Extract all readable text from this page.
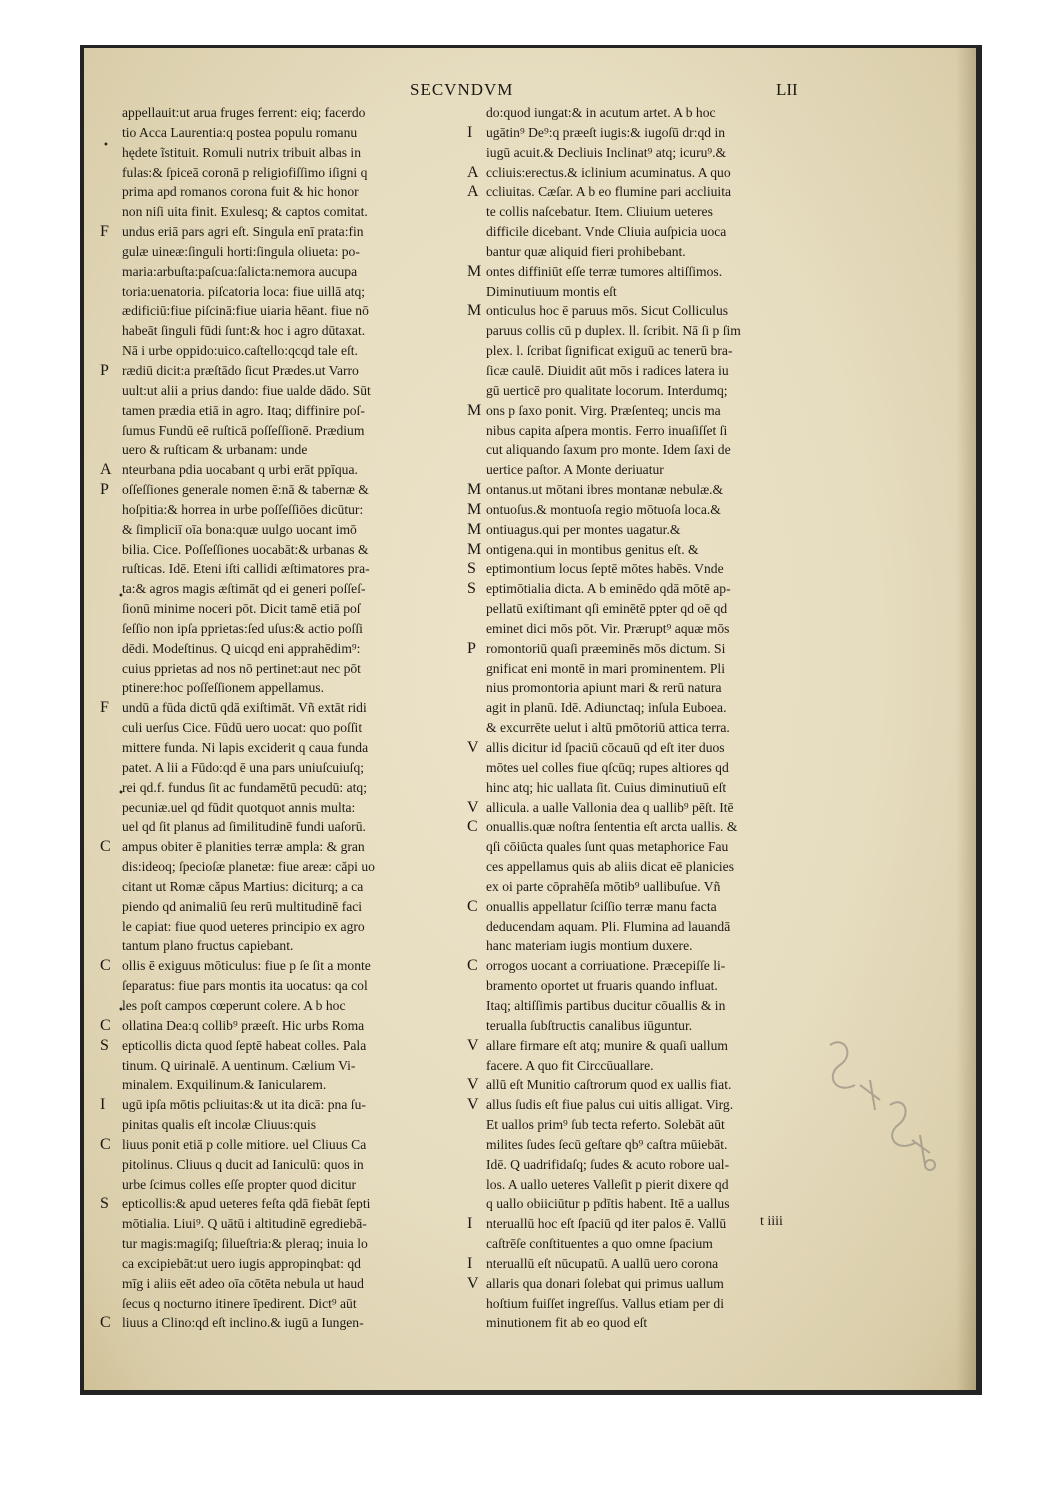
SECVNDVM	LII
appellauit:ut arua fruges ferrent: eiq; facerdo
tio Acca Laurentia:q postea populu romanu
hędete ĩstituit. Romuli nutrix tribuit albas in
fulas:& ſpiceā coronā p religiofiſſimo iſigni q
prima apd romanos corona fuit & hic honor
non niſi uita finit. Exulesq; & captos comitat.
F undus eriā pars agri eſt. Singula enī prata:fin
gulæ uineæ:ſinguli horti:ſingula oliueta: po-
maria:arbuſta:paſcua:ſalicta:nemora aucupa
toria:uenatoria. piſcatoria loca: fiue uillā atq;
ædificiū:fiue piſcinā:fiue uiaria hēant. fiue nō
habeāt ſinguli fūdi ſunt:& hoc i agro dūtaxat.
Nā i urbe oppido:uico.caſtello:qcqd tale eſt.
P rædiū dicit:a præſtādo ſicut Prædes.ut Varro
uult:ut alii a prius dando: fiue ualde dādo. Sūt
tamen prædia etiā in agro. Itaq; diffinire poſ-
ſumus Fundū eē ruſticā poſſeſſionē. Prædium
uero & ruſticam & urbanam: unde
A nteurbana pdia uocabant q urbi erāt ppīqua.
P oſſeſſiones generale nomen ē:nā & tabernæ &
hoſpitia:& horrea in urbe poſſeſſiōes dicūtur:
& ſimpliciī oīa bona:quæ uulgo uocant imō
bilia. Cice. Poſſeſſiones uocabāt:& urbanas &
ruſticas. Idē. Eteni iſti callidi æſtimatores pra-
ta:& agros magis æſtimāt qd ei generi poſſeſ-
ſionū minime noceri pōt. Dicit tamē etiā poſ
ſeſſio non ipſa pprietas:ſed uſus:& actio poſſi
dēdi. Modeſtinus. Q uicqd eni apprahēdim⁹:
cuius pprietas ad nos nō pertinet:aut nec pōt
ptinere:hoc poſſeſſionem appellamus.
F undū a fūda dictū qdā exiſtimāt. Vñ extāt ridi
culi uerſus Cice. Fūdū uero uocat: quo poſſit
mittere funda. Ni lapis exciderit q caua funda
patet. A lii a Fūdo:qd ē una pars uniuſcuiuſq;
rei qd.f. fundus ſit ac fundamētū pecudū: atq;
pecuniæ.uel qd fūdit quotquot annis multa:
uel qd ſit planus ad ſimilitudinē fundi uaſorū.
C ampus obiter ē planities terræ ampla: & gran
dis:ideoq; ſpecioſæ planetæ: fiue areæ: căpi uo
citant ut Romæ căpus Martius: diciturq; a ca
piendo qd animaliū ſeu rerū multitudinē faci
le capiat: fiue quod ueteres principio ex agro
tantum plano fructus capiebant.
C ollis ē exiguus mōticulus: fiue p ſe ſit a monte
ſeparatus: fiue pars montis ita uocatus: qa col
les poſt campos cœperunt colere. A b hoc
C ollatina Dea:q collib⁹ præeſt. Hic urbs Roma
S epticollis dicta quod ſeptē habeat colles. Pala
tinum. Q uirinalē. A uentinum. Cælium Vi-
minalem. Exquilinum.& Ianicularem.
I ugū ipſa mōtis pcliuitas:& ut ita dicā: pna ſu-
pinitas qualis eſt incolæ Cliuus:quis
C liuus ponit etiā p colle mitiore. uel Cliuus Ca
pitolinus. Cliuus q ducit ad Ianiculū: quos in
urbe ſcimus colles eſſe propter quod dicitur
S epticollis:& apud ueteres feſta qdā fiebāt ſepti
mōtialia. Liui⁹. Q uātū i altitudinē egrediebā-
tur magis:magiſq; ſilueſtria:& pleraq; inuia lo
ca excipiebāt:ut uero iugis appropinqbat: qd
mīg i aliis eēt adeo oīa cōtēta nebula ut haud
ſecus q nocturno itinere īpedirent. Dict⁹ aūt
C liuus a Clino:qd eſt inclino.& iugū a Iungen-
do:quod iungat:& in acutum artet. A b hoc
I ugātin⁹ De⁹:q præeſt iugis:& iugoſū dr:qd in
iugū acuit.& Decliuis Inclinat⁹ atq; icuru⁹.&
A ccliuis:erectus.& iclinium acuminatus. A quo
A ccliuitas. Cæſar. A b eo flumine pari accliuita
te collis naſcebatur. Item. Cliuium ueteres
difficile dicebant. Vnde Cliuia auſpicia uoca
bantur quæ aliquid fieri prohibebant.
M ontes diffiniūt eſſe terræ tumores altiſſimos.
Diminutiuum montis eſt
M onticulus hoc ē paruus mōs. Sicut Colliculus
paruus collis cū p duplex. ll. ſcribit. Nā ſi p ſim
plex. l. ſcribat ſignificat exiguū ac tenerū bra-
ſicæ caulē. Diuidit aūt mōs i radices latera iu
gū uerticē pro qualitate locorum. Interdumq;
M ons p ſaxo ponit. Virg. Præſenteq; uncis ma
nibus capita aſpera montis. Ferro inuaſiſſet ſi
cut aliquando ſaxum pro monte. Idem ſaxi de
uertice paſtor. A Monte deriuatur
M ontanus.ut mōtani ibres montanæ nebulæ.&
M ontuoſus.& montuoſa regio mōtuoſa loca.&
M ontiuagus.qui per montes uagatur.&
M ontigena.qui in montibus genitus eſt. &
S eptimontium locus ſeptē mōtes habēs. Vnde
S eptimōtialia dicta. A b eminēdo qdā mōtē ap-
pellatū exiſtimant qſi eminētē ppter qd oē qd
eminet dici mōs pōt. Vir. Prærupt⁹ aquæ mōs
P romontoriū quaſi præeminēs mōs dictum. Si
gnificat eni montē in mari prominentem. Pli
nius promontoria apiunt mari & rerū natura
agit in planū. Idē. Adiunctaq; inſula Euboea.
& excurrēte uelut i altū pmōtoriū attica terra.
V allis dicitur id ſpaciū cōcauū qd eſt iter duos
mōtes uel colles fiue qſcūq; rupes altiores qd
hinc atq; hic uallata ſit. Cuius diminutiuū eſt
V allicula. a ualle Vallonia dea q uallib⁹ pēſt. Itē
C onuallis.quæ noſtra ſententia eſt arcta uallis. &
qſi cōiūcta quales ſunt quas metaphorice Fau
ces appellamus quis ab aliis dicat eē planicies
ex oi parte cōprahēſa mōtib⁹ uallibuſue. Vñ
C onuallis appellatur ſciſſio terræ manu facta
deducendam aquam. Pli. Flumina ad lauandā
hanc materiam iugis montium duxere.
C orrogos uocant a corriuatione. Præcepiſſe li-
bramento oportet ut fruaris quando influat.
Itaq; altiſſimis partibus ducitur cōuallis & in
terualla ſubſtructis canalibus iūguntur.
V allare firmare eſt atq; munire & quaſi uallum
facere. A quo fit Circcūuallare.
V allū eſt Munitio caſtrorum quod ex uallis fiat.
V allus ſudis eſt fiue palus cui uitis alligat. Virg.
Et uallos prim⁹ ſub tecta referto. Solebāt aūt
milites ſudes ſecū geſtare qb⁹ caſtra mūiebāt.
Idē. Q uadrifidaſq; ſudes & acuto robore ual-
los. A uallo ueteres Valleſit p pierit dixere qd
q uallo obiiciūtur p pdītis habent. Itē a uallus
I nteruallū hoc eſt ſpaciū qd iter palos ē. Vallū
caſtrēſe conſtituentes a quo omne ſpacium
I nteruallū eſt nūcupatū. A uallū uero corona
V allaris qua donari ſolebat qui primus uallum
hoſtium fuiſſet ingreſſus. Vallus etiam per di
minutionem fit ab eo quod eſt
•
•
•
•
t iiii
